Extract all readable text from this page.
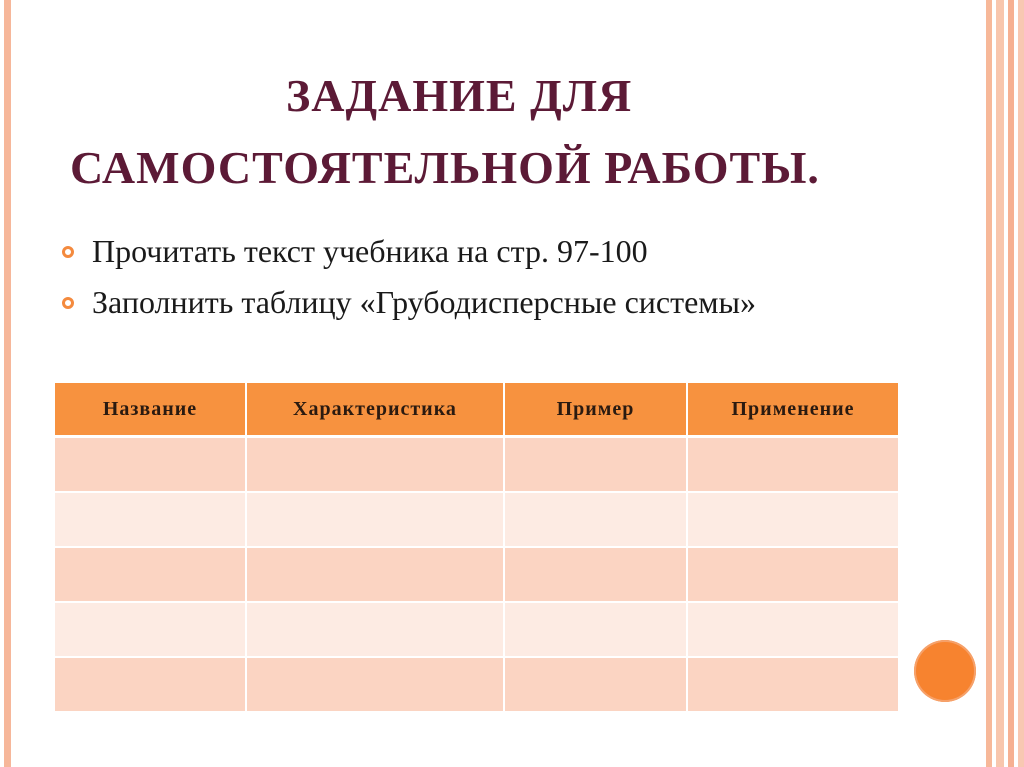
ЗАДАНИЕ ДЛЯ
САМОСТОЯТЕЛЬНОЙ РАБОТЫ.
Прочитать текст учебника на стр. 97-100
Заполнить таблицу «Грубодисперсные системы»
Название	Характеристика	Пример	Применение
